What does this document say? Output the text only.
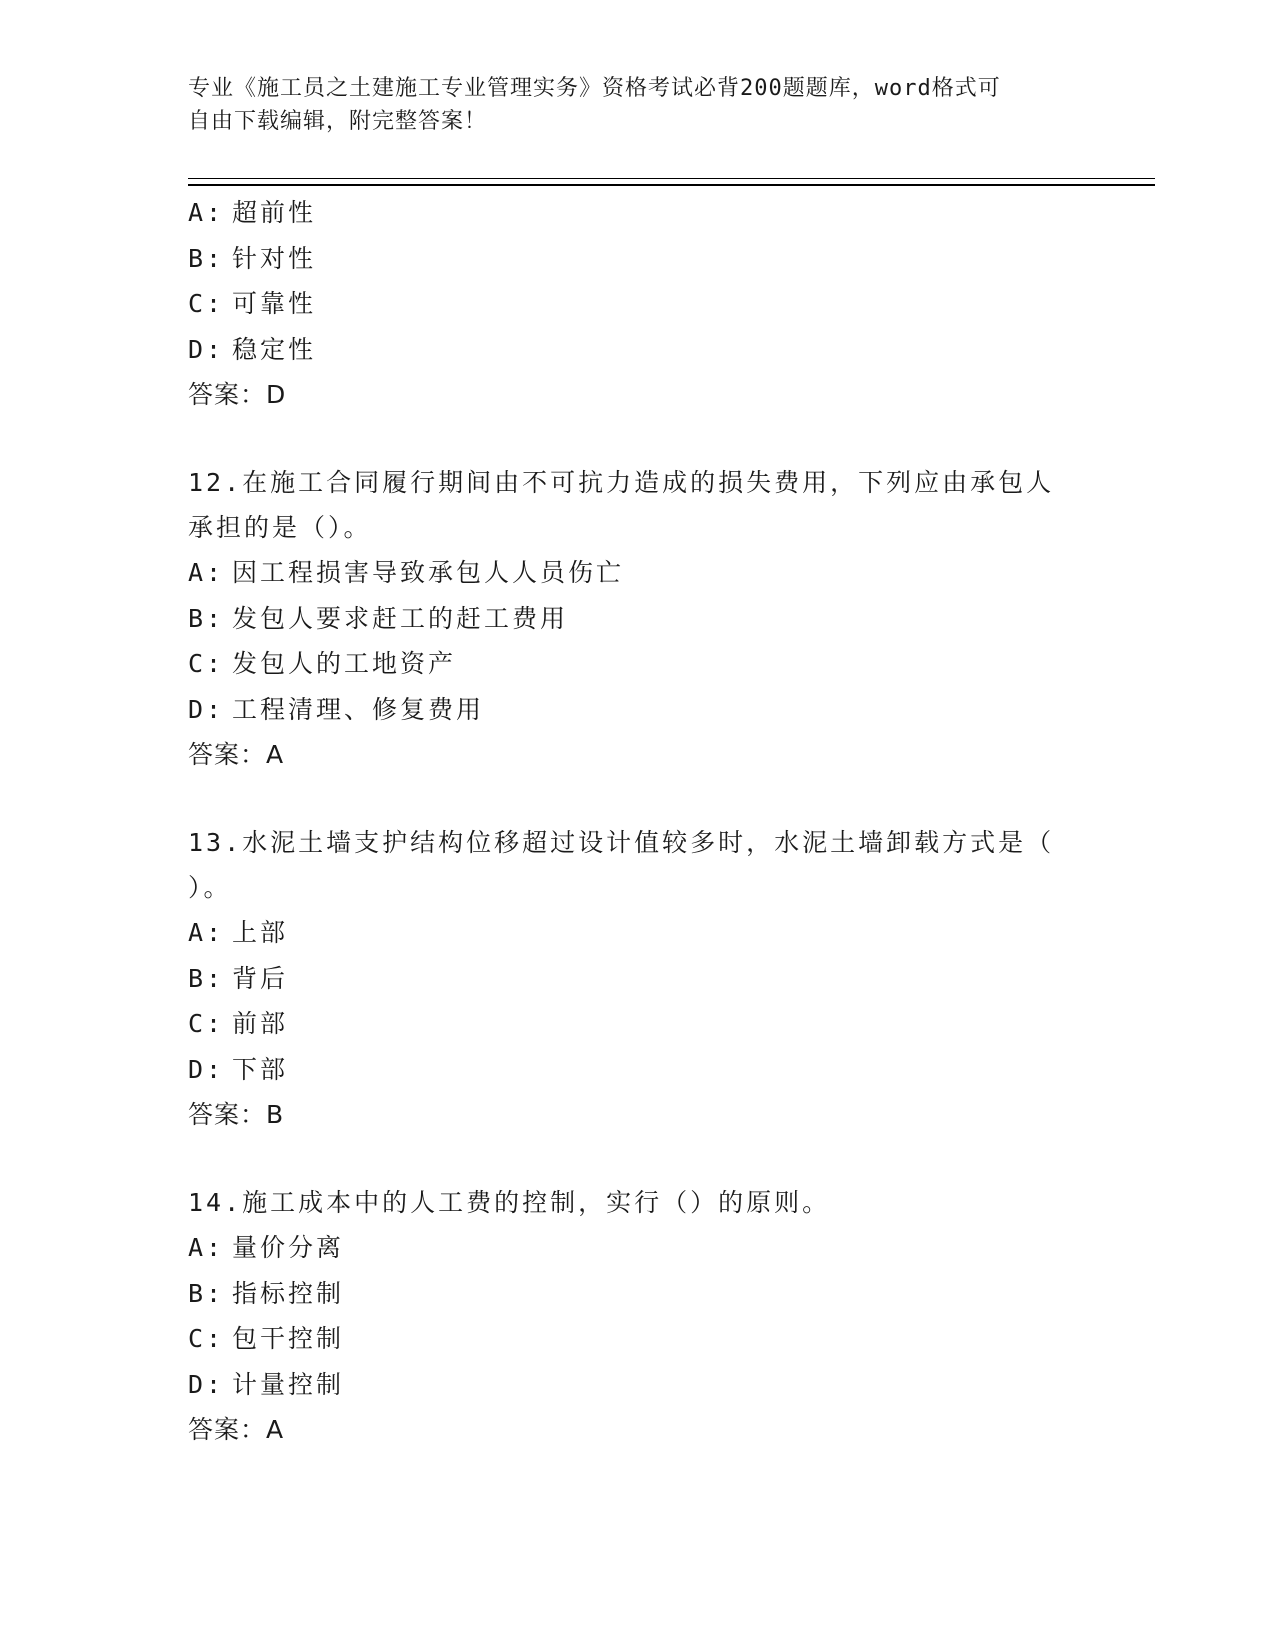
专业《施工员之土建施工专业管理实务》资格考试必背200题题库，word格式可
自由下载编辑，附完整答案！
A: 超前性
B: 针对性
C: 可靠性
D: 稳定性
答案：D
12.在施工合同履行期间由不可抗力造成的损失费用，下列应由承包人
承担的是（）。
A: 因工程损害导致承包人人员伤亡
B: 发包人要求赶工的赶工费用
C: 发包人的工地资产
D: 工程清理、修复费用
答案：A
13.水泥土墙支护结构位移超过设计值较多时，水泥土墙卸载方式是（
）。
A: 上部
B: 背后
C: 前部
D: 下部
答案：B
14.施工成本中的人工费的控制，实行（）的原则。
A: 量价分离
B: 指标控制
C: 包干控制
D: 计量控制
答案：A
